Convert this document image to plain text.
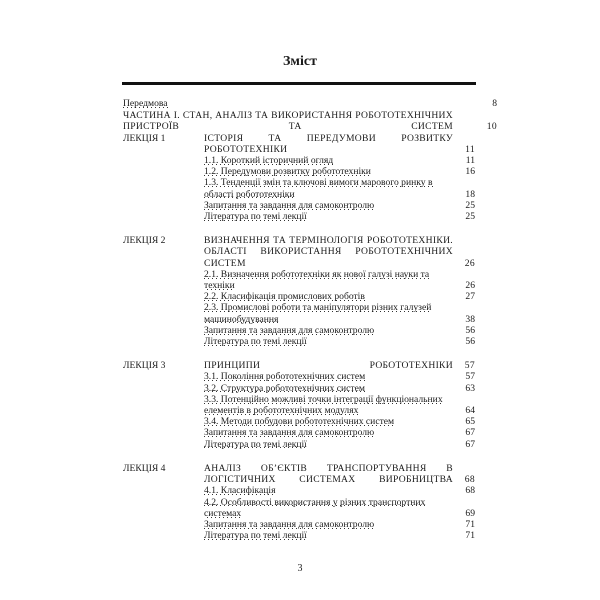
Зміст
Передмова	8
ЧАСТИНА I. СТАН, АНАЛІЗ ТА ВИКОРИСТАННЯ РОБОТОТЕХНІЧНИХ ПРИСТРОЇВ ТА СИСТЕМ	10
ЛЕКЦІЯ 1	ІСТОРІЯ ТА ПЕРЕДУМОВИ РОЗВИТКУ РОБОТОТЕХНІКИ	11
1.1. Короткий історичний огляд	11
1.2. Передумови розвитку робототехніки	16
1.3. Тенденції змін та ключові вимоги марового ринку в області робототехніки	18
Запитання та завдання для самоконтролю	25
Література по темі лекції	25
ЛЕКЦІЯ 2	ВИЗНАЧЕННЯ ТА ТЕРМІНОЛОГІЯ РОБОТОТЕХНІКИ. ОБЛАСТІ ВИКОРИСТАННЯ РОБОТОТЕХНІЧНИХ СИСТЕМ	26
2.1. Визначення робототехніки як нової галузі науки та техніки	26
2.2. Класифікація промислових роботів	27
2.3. Промислові роботи та маніпулятори різних галузей машинобудування	38
Запитання та завдання для самоконтролю	56
Література по темі лекції	56
ЛЕКЦІЯ 3	ПРИНЦИПИ РОБОТОТЕХНІКИ	57
3.1. Покоління робототехнічних систем	57
3.2. Структура робототехнічних систем	63
3.3. Потенційно можливі точки інтеграції функціональних елементів в робототехнічних модулях	64
3.4. Методи побудови робототехнічних систем	65
Запитання та завдання для самоконтролю	67
Література по темі лекції	67
ЛЕКЦІЯ 4	АНАЛІЗ ОБ’ЄКТІВ ТРАНСПОРТУВАННЯ В ЛОГІСТИЧНИХ СИСТЕМАХ ВИРОБНИЦТВА	68
4.1. Класифікація	68
4.2. Особливості використання у різних транспортних системах	69
Запитання та завдання для самоконтролю	71
Література по темі лекції	71
3
